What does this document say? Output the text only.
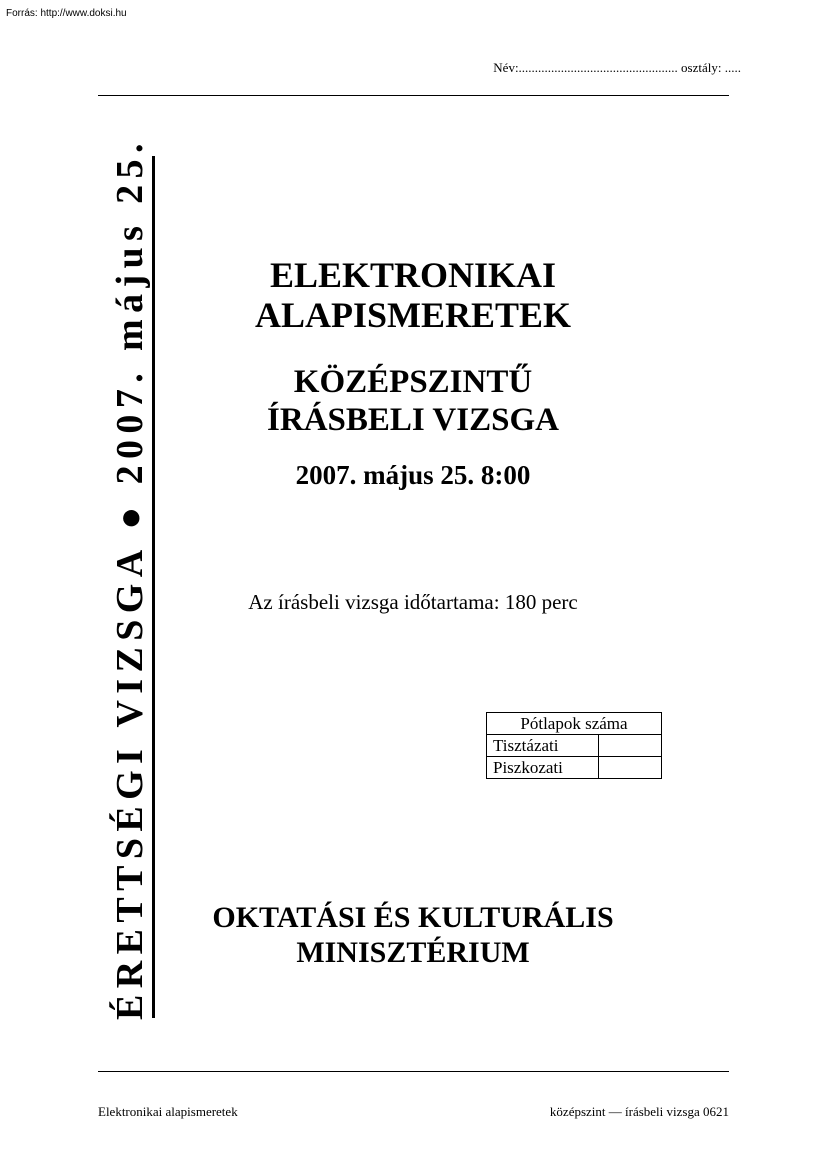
Forrás: http://www.doksi.hu
Név:................................................. osztály: .....
ÉRETTSÉGI VIZSGA ● 2007. május 25.	ELEKTRONIKAI
ALAPISMERETEK
KÖZÉPSZINTŰ
ÍRÁSBELI VIZSGA
2007. május 25. 8:00
Az írásbeli vizsga időtartama: 180 perc
Pótlapok száma	
Tisztázati	
Piszkozati	
OKTATÁSI ÉS KULTURÁLIS
MINISZTÉRIUM
Elektronikai alapismeretek	középszint — írásbeli vizsga 0621
